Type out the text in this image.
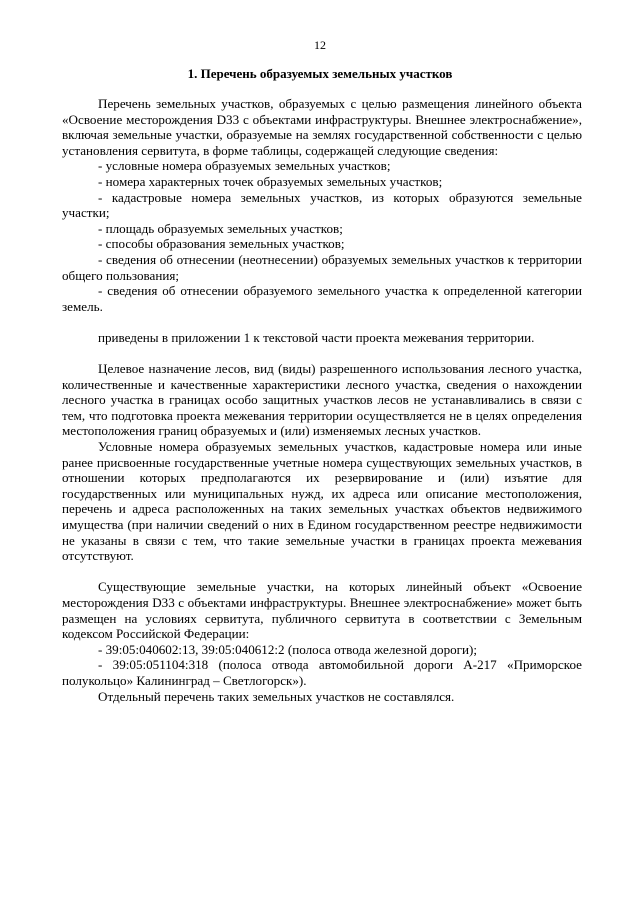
12
1. Перечень образуемых земельных участков

Перечень земельных участков, образуемых с целью размещения линейного объекта «Освоение месторождения D33 с объектами инфраструктуры. Внешнее электроснабжение», включая земельные участки, образуемые на землях государственной собственности с целью установления сервитута, в форме таблицы, содержащей следующие сведения:

- условные номера образуемых земельных участков;

- номера характерных точек образуемых земельных участков;

- кадастровые номера земельных участков, из которых образуются земельные участки;

- площадь образуемых земельных участков;

- способы образования земельных участков;

- сведения об отнесении (неотнесении) образуемых земельных участков к территории общего пользования;

- сведения об отнесении образуемого земельного участка к определенной категории земель.

приведены в приложении 1 к текстовой части проекта межевания территории.

Целевое назначение лесов, вид (виды) разрешенного использования лесного участка, количественные и качественные характеристики лесного участка, сведения о нахождении лесного участка в границах особо защитных участков лесов не устанавливались в связи с тем, что подготовка проекта межевания территории осуществляется не в целях определения местоположения границ образуемых и (или) изменяемых лесных участков.

Условные номера образуемых земельных участков, кадастровые номера или иные ранее присвоенные государственные учетные номера существующих земельных участков, в отношении которых предполагаются их резервирование и (или) изъятие для государственных или муниципальных нужд, их адреса или описание местоположения, перечень и адреса расположенных на таких земельных участках объектов недвижимого имущества (при наличии сведений о них в Едином государственном реестре недвижимости не указаны в связи с тем, что такие земельные участки в границах проекта межевания отсутствуют.

Существующие земельные участки, на которых линейный объект «Освоение месторождения D33 с объектами инфраструктуры. Внешнее электроснабжение» может быть размещен на условиях сервитута, публичного сервитута в соответствии с Земельным кодексом Российской Федерации:

- 39:05:040602:13, 39:05:040612:2 (полоса отвода железной дороги);

- 39:05:051104:318 (полоса отвода автомобильной дороги А-217 «Приморское полукольцо» Калининград – Светлогорск»).

Отдельный перечень таких земельных участков не составлялся.
